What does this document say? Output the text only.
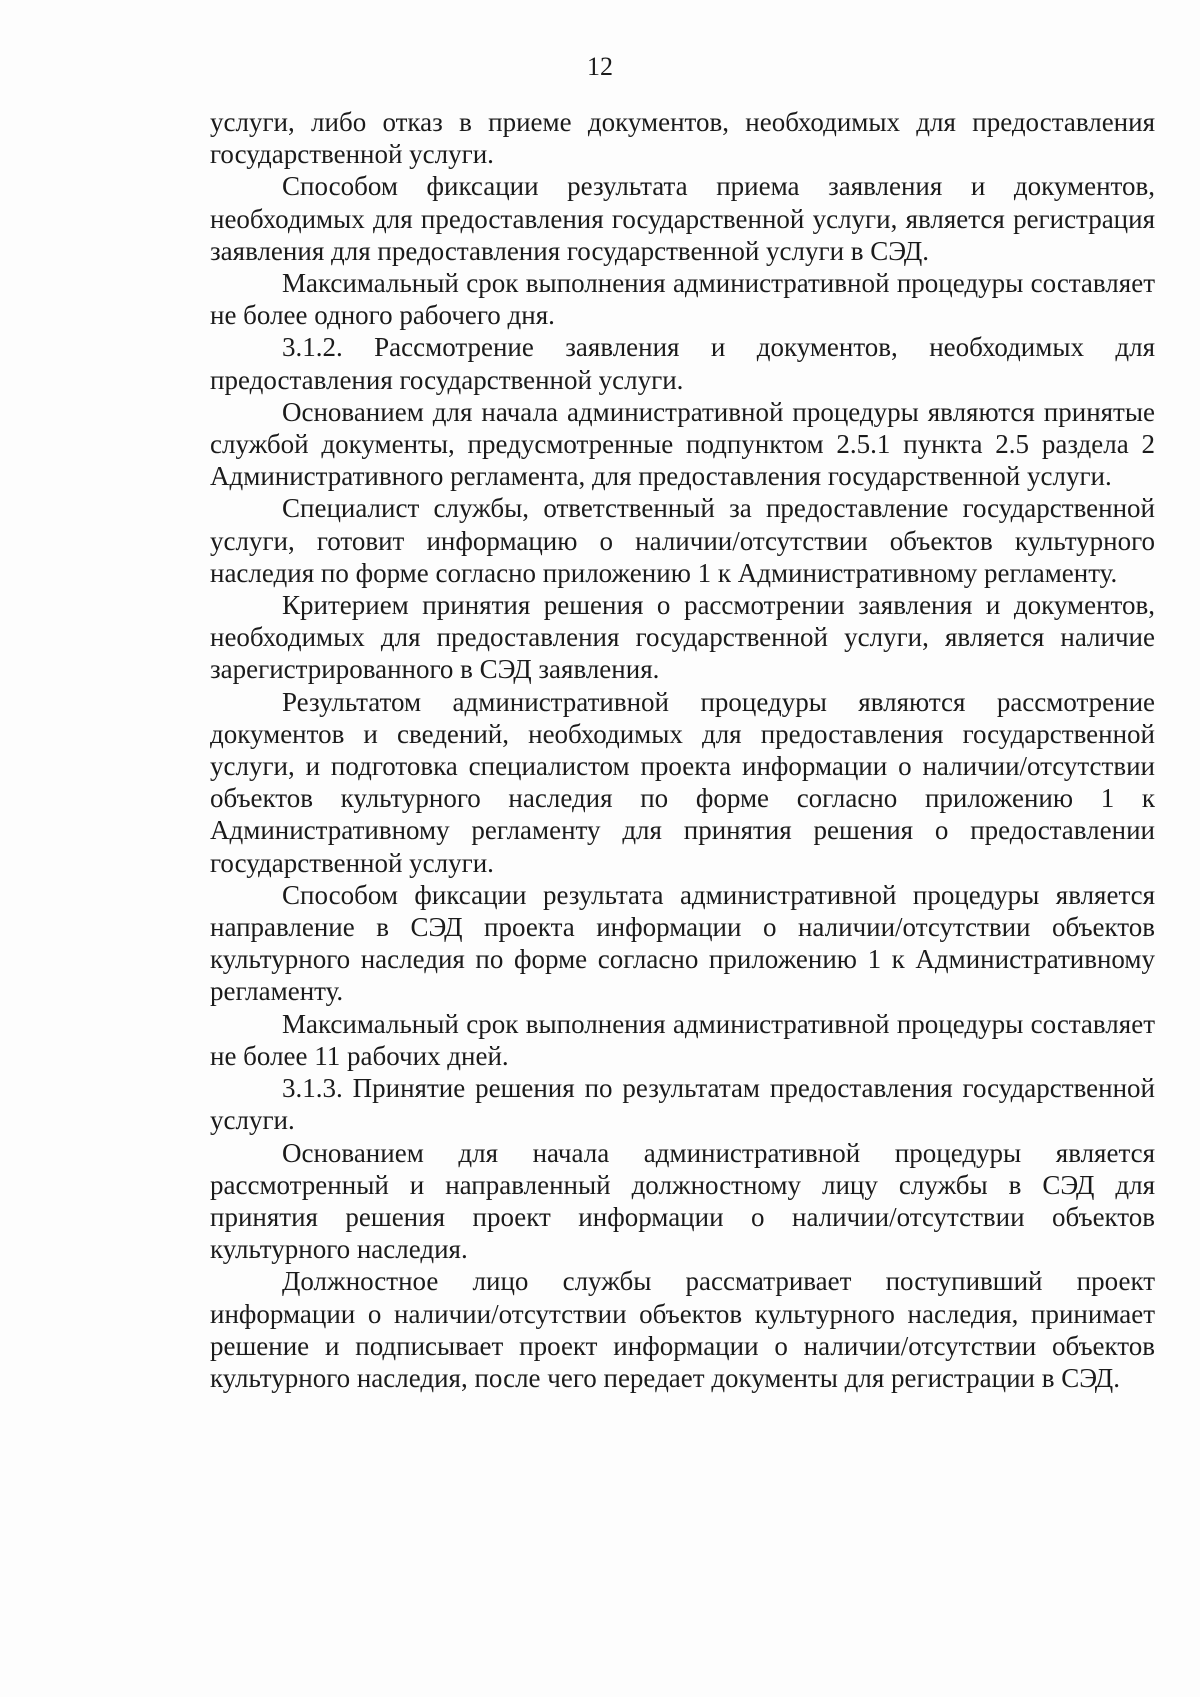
12

услуги, либо отказ в приеме документов, необходимых для предоставления государственной услуги.

Способом фиксации результата приема заявления и документов, необходимых для предоставления государственной услуги, является регистрация заявления для предоставления государственной услуги в СЭД.

Максимальный срок выполнения административной процедуры составляет не более одного рабочего дня.

3.1.2. Рассмотрение заявления и документов, необходимых для предоставления государственной услуги.

Основанием для начала административной процедуры являются принятые службой документы, предусмотренные подпунктом 2.5.1 пункта 2.5 раздела 2 Административного регламента, для предоставления государственной услуги.

Специалист службы, ответственный за предоставление государственной услуги, готовит информацию о наличии/отсутствии объектов культурного наследия по форме согласно приложению 1 к Административному регламенту.

Критерием принятия решения о рассмотрении заявления и документов, необходимых для предоставления государственной услуги, является наличие зарегистрированного в СЭД заявления.

Результатом административной процедуры являются рассмотрение документов и сведений, необходимых для предоставления государственной услуги, и подготовка специалистом проекта информации о наличии/отсутствии объектов культурного наследия по форме согласно приложению 1 к Административному регламенту для принятия решения о предоставлении государственной услуги.

Способом фиксации результата административной процедуры является направление в СЭД проекта информации о наличии/отсутствии объектов культурного наследия по форме согласно приложению 1 к Административному регламенту.

Максимальный срок выполнения административной процедуры составляет не более 11 рабочих дней.

3.1.3. Принятие решения по результатам предоставления государственной услуги.

Основанием для начала административной процедуры является рассмотренный и направленный должностному лицу службы в СЭД для принятия решения проект информации о наличии/отсутствии объектов культурного наследия.

Должностное лицо службы рассматривает поступивший проект информации о наличии/отсутствии объектов культурного наследия, принимает решение и подписывает проект информации о наличии/отсутствии объектов культурного наследия, после чего передает документы для регистрации в СЭД.
